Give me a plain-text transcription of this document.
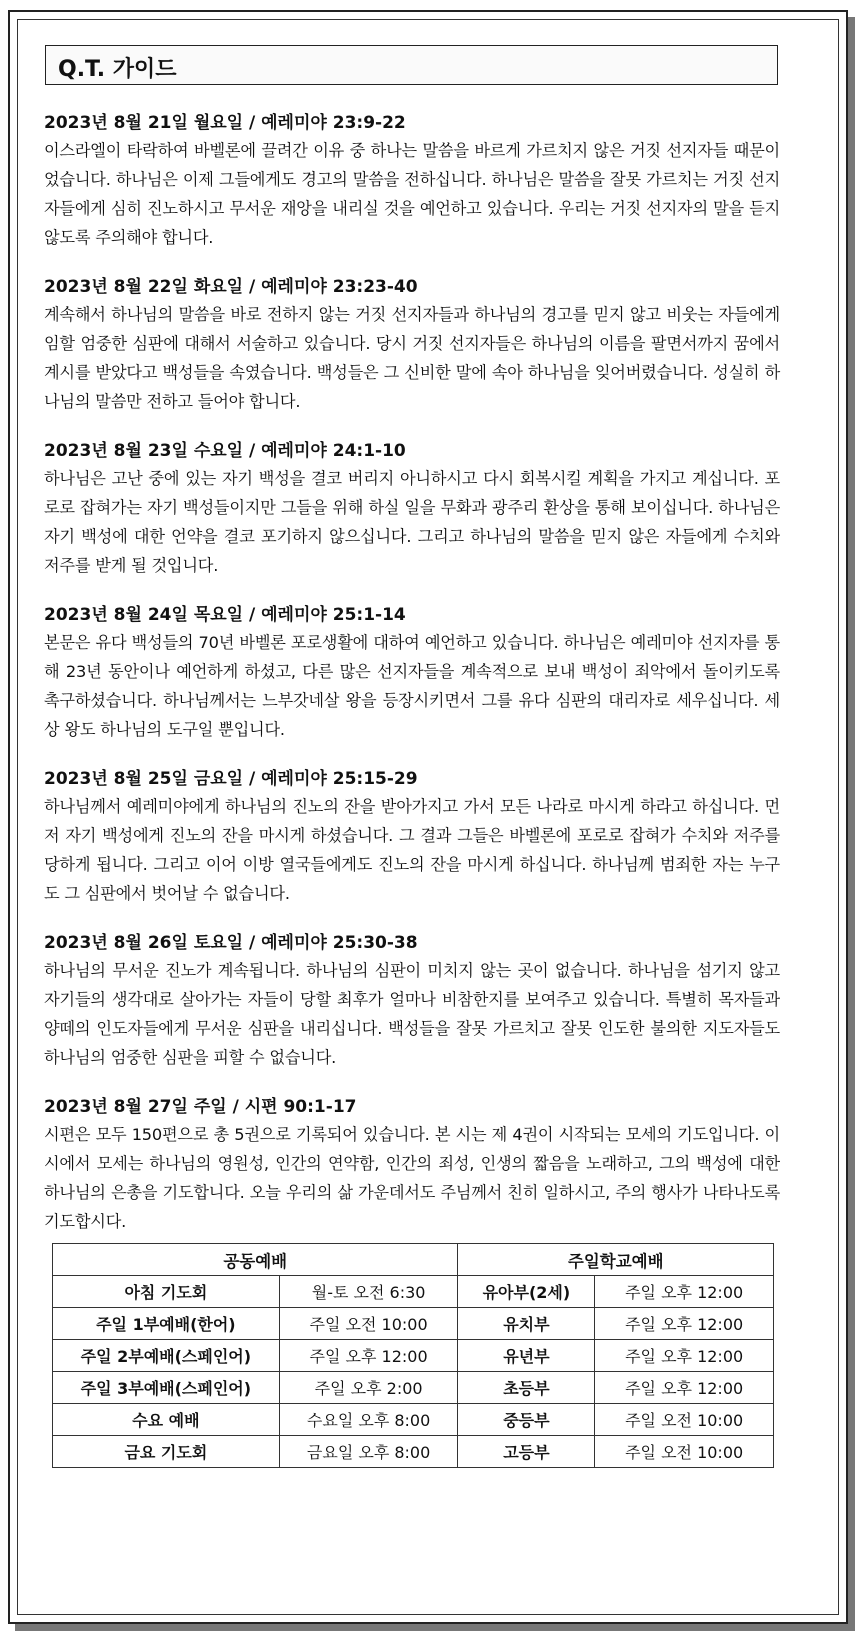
Q.T. 가이드
2023년 8월 21일 월요일 / 예레미야 23:9-22
이스라엘이 타락하여 바벨론에 끌려간 이유 중 하나는 말씀을 바르게 가르치지 않은 거짓 선지자들 때문이었습니다. 하나님은 이제 그들에게도 경고의 말씀을 전하십니다. 하나님은 말씀을 잘못 가르치는 거짓 선지자들에게 심히 진노하시고 무서운 재앙을 내리실 것을 예언하고 있습니다. 우리는 거짓 선지자의 말을 듣지 않도록 주의해야 합니다.
2023년 8월 22일 화요일 / 예레미야 23:23-40
계속해서 하나님의 말씀을 바로 전하지 않는 거짓 선지자들과 하나님의 경고를 믿지 않고 비웃는 자들에게 임할 엄중한 심판에 대해서 서술하고 있습니다. 당시 거짓 선지자들은 하나님의 이름을 팔면서까지 꿈에서 계시를 받았다고 백성들을 속였습니다. 백성들은 그 신비한 말에 속아 하나님을 잊어버렸습니다. 성실히 하나님의 말씀만 전하고 들어야 합니다.
2023년 8월 23일 수요일 / 예레미야 24:1-10
하나님은 고난 중에 있는 자기 백성을 결코 버리지 아니하시고 다시 회복시킬 계획을 가지고 계십니다. 포로로 잡혀가는 자기 백성들이지만 그들을 위해 하실 일을 무화과 광주리 환상을 통해 보이십니다. 하나님은 자기 백성에 대한 언약을 결코 포기하지 않으십니다. 그리고 하나님의 말씀을 믿지 않은 자들에게 수치와 저주를 받게 될 것입니다.
2023년 8월 24일 목요일 / 예레미야 25:1-14
본문은 유다 백성들의 70년 바벨론 포로생활에 대하여 예언하고 있습니다. 하나님은 예레미야 선지자를 통해 23년 동안이나 예언하게 하셨고, 다른 많은 선지자들을 계속적으로 보내 백성이 죄악에서 돌이키도록 촉구하셨습니다. 하나님께서는 느부갓네살 왕을 등장시키면서 그를 유다 심판의 대리자로 세우십니다. 세상 왕도 하나님의 도구일 뿐입니다.
2023년 8월 25일 금요일 / 예레미야 25:15-29
하나님께서 예레미야에게 하나님의 진노의 잔을 받아가지고 가서 모든 나라로 마시게 하라고 하십니다. 먼저 자기 백성에게 진노의 잔을 마시게 하셨습니다. 그 결과 그들은 바벨론에 포로로 잡혀가 수치와 저주를 당하게 됩니다. 그리고 이어 이방 열국들에게도 진노의 잔을 마시게 하십니다. 하나님께 범죄한 자는 누구도 그 심판에서 벗어날 수 없습니다.
2023년 8월 26일 토요일 / 예레미야 25:30-38
하나님의 무서운 진노가 계속됩니다. 하나님의 심판이 미치지 않는 곳이 없습니다. 하나님을 섬기지 않고 자기들의 생각대로 살아가는 자들이 당할 최후가 얼마나 비참한지를 보여주고 있습니다. 특별히 목자들과 양떼의 인도자들에게 무서운 심판을 내리십니다. 백성들을 잘못 가르치고 잘못 인도한 불의한 지도자들도 하나님의 엄중한 심판을 피할 수 없습니다.
2023년 8월 27일 주일 / 시편 90:1-17
시편은 모두 150편으로 총 5권으로 기록되어 있습니다. 본 시는 제 4권이 시작되는 모세의 기도입니다. 이 시에서 모세는 하나님의 영원성, 인간의 연약함, 인간의 죄성, 인생의 짧음을 노래하고, 그의 백성에 대한 하나님의 은총을 기도합니다. 오늘 우리의 삶 가운데서도 주님께서 친히 일하시고, 주의 행사가 나타나도록 기도합시다.
공동예배		주일학교예배	
아침 기도회	월-토 오전 6:30	유아부(2세)	주일 오후 12:00
주일 1부예배(한어)	주일 오전 10:00	유치부	주일 오후 12:00
주일 2부예배(스페인어)	주일 오후 12:00	유년부	주일 오후 12:00
주일 3부예배(스페인어)	주일 오후 2:00	초등부	주일 오후 12:00
수요 예배	수요일 오후 8:00	중등부	주일 오전 10:00
금요 기도회	금요일 오후 8:00	고등부	주일 오전 10:00
